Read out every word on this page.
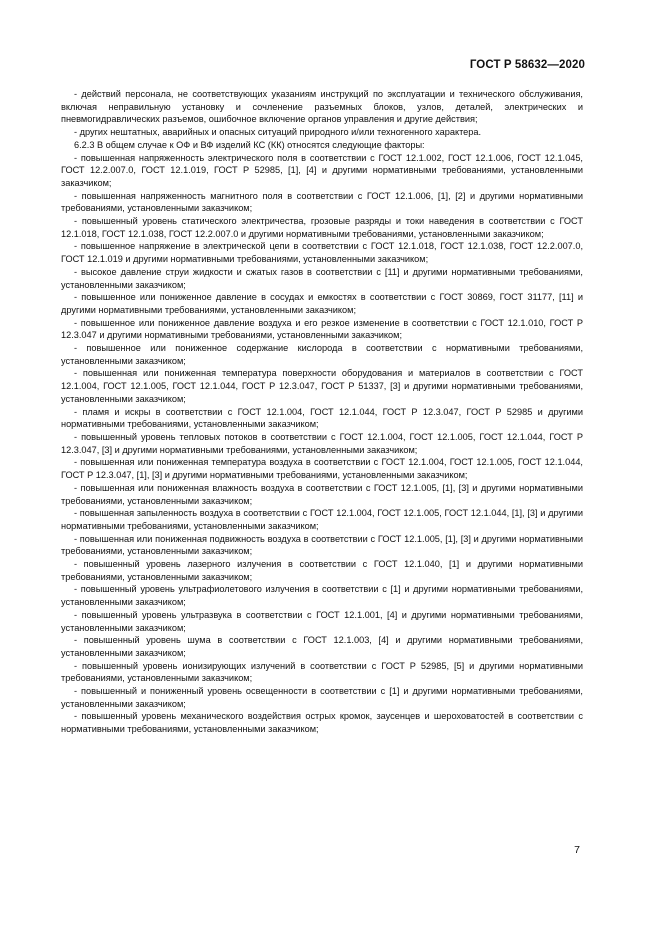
ГОСТ Р 58632—2020

- действий персонала, не соответствующих указаниям инструкций по эксплуатации и технического обслуживания, включая неправильную установку и сочленение разъемных блоков, узлов, деталей, электрических и пневмогидравлических разъемов, ошибочное включение органов управления и другие действия;

- других нештатных, аварийных и опасных ситуаций природного и/или техногенного характера.

6.2.3 В общем случае к ОФ и ВФ изделий КС (КК) относятся следующие факторы:

- повышенная напряженность электрического поля в соответствии с ГОСТ 12.1.002, ГОСТ 12.1.006, ГОСТ 12.1.045, ГОСТ 12.2.007.0, ГОСТ 12.1.019, ГОСТ Р 52985, [1], [4] и другими нормативными требованиями, установленными заказчиком;

- повышенная напряженность магнитного поля в соответствии с ГОСТ 12.1.006, [1], [2] и другими нормативными требованиями, установленными заказчиком;

- повышенный уровень статического электричества, грозовые разряды и токи наведения в соответствии с ГОСТ 12.1.018, ГОСТ 12.1.038, ГОСТ 12.2.007.0 и другими нормативными требованиями, установленными заказчиком;

- повышенное напряжение в электрической цепи в соответствии с ГОСТ 12.1.018, ГОСТ 12.1.038, ГОСТ 12.2.007.0, ГОСТ 12.1.019 и другими нормативными требованиями, установленными заказчиком;

- высокое давление струи жидкости и сжатых газов в соответствии с [11] и другими нормативными требованиями, установленными заказчиком;

- повышенное или пониженное давление в сосудах и емкостях в соответствии с ГОСТ 30869, ГОСТ 31177, [11] и другими нормативными требованиями, установленными заказчиком;

- повышенное или пониженное давление воздуха и его резкое изменение в соответствии с ГОСТ 12.1.010, ГОСТ Р 12.3.047 и другими нормативными требованиями, установленными заказчиком;

- повышенное или пониженное содержание кислорода в соответствии с нормативными требованиями, установленными заказчиком;

- повышенная или пониженная температура поверхности оборудования и материалов в соответствии с ГОСТ 12.1.004, ГОСТ 12.1.005, ГОСТ 12.1.044, ГОСТ Р 12.3.047, ГОСТ Р 51337, [3] и другими нормативными требованиями, установленными заказчиком;

- пламя и искры в соответствии с ГОСТ 12.1.004, ГОСТ 12.1.044, ГОСТ Р 12.3.047, ГОСТ Р 52985 и другими нормативными требованиями, установленными заказчиком;

- повышенный уровень тепловых потоков в соответствии с ГОСТ 12.1.004, ГОСТ 12.1.005, ГОСТ 12.1.044, ГОСТ Р 12.3.047, [3] и другими нормативными требованиями, установленными заказчиком;

- повышенная или пониженная температура воздуха в соответствии с ГОСТ 12.1.004, ГОСТ 12.1.005, ГОСТ 12.1.044, ГОСТ Р 12.3.047, [1], [3] и другими нормативными требованиями, установленными заказчиком;

- повышенная или пониженная влажность воздуха в соответствии с ГОСТ 12.1.005, [1], [3] и другими нормативными требованиями, установленными заказчиком;

- повышенная запыленность воздуха в соответствии с ГОСТ 12.1.004, ГОСТ 12.1.005, ГОСТ 12.1.044, [1], [3] и другими нормативными требованиями, установленными заказчиком;

- повышенная или пониженная подвижность воздуха в соответствии с ГОСТ 12.1.005, [1], [3] и другими нормативными требованиями, установленными заказчиком;

- повышенный уровень лазерного излучения в соответствии с ГОСТ 12.1.040, [1] и другими нормативными требованиями, установленными заказчиком;

- повышенный уровень ультрафиолетового излучения в соответствии с [1] и другими нормативными требованиями, установленными заказчиком;

- повышенный уровень ультразвука в соответствии с ГОСТ 12.1.001, [4] и другими нормативными требованиями, установленными заказчиком;

- повышенный уровень шума в соответствии с ГОСТ 12.1.003, [4] и другими нормативными требованиями, установленными заказчиком;

- повышенный уровень ионизирующих излучений в соответствии с ГОСТ Р 52985, [5] и другими нормативными требованиями, установленными заказчиком;

- повышенный и пониженный уровень освещенности в соответствии с [1] и другими нормативными требованиями, установленными заказчиком;

- повышенный уровень механического воздействия острых кромок, заусенцев и шероховатостей в соответствии с нормативными требованиями, установленными заказчиком;

7
